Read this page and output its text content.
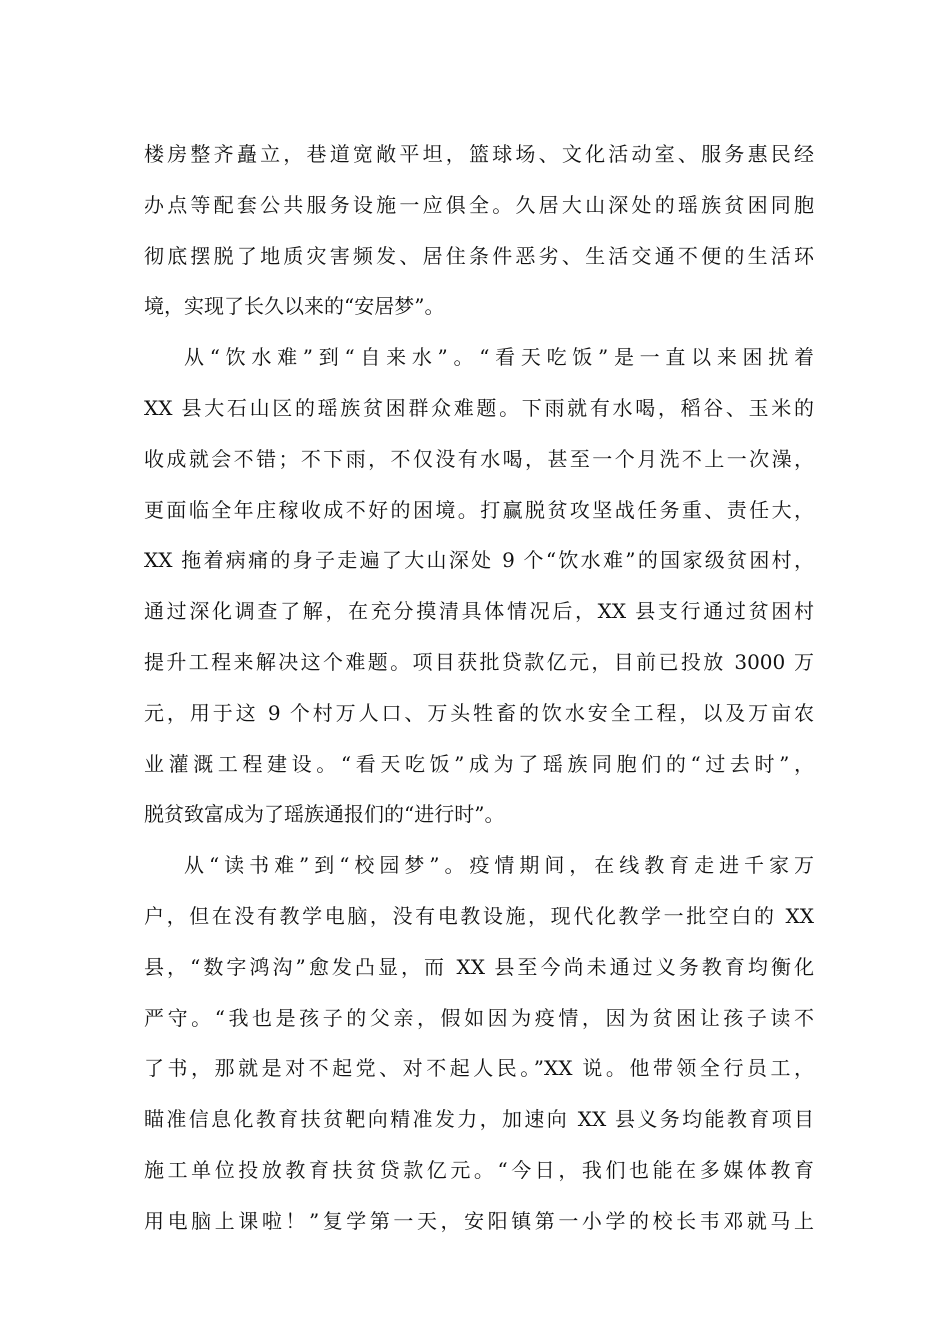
楼房整齐矗立，巷道宽敞平坦，篮球场、文化活动室、服务惠民经
办点等配套公共服务设施一应俱全。久居大山深处的瑶族贫困同胞
彻底摆脱了地质灾害频发、居住条件恶劣、生活交通不便的生活环
境，实现了长久以来的“安居梦”。
从“饮水难”到“自来水”。“看天吃饭”是一直以来困扰着
XX 县大石山区的瑶族贫困群众难题。下雨就有水喝，稻谷、玉米的
收成就会不错；不下雨，不仅没有水喝，甚至一个月洗不上一次澡，
更面临全年庄稼收成不好的困境。打赢脱贫攻坚战任务重、责任大，
XX 拖着病痛的身子走遍了大山深处 9 个“饮水难”的国家级贫困村，
通过深化调查了解，在充分摸清具体情况后，XX 县支行通过贫困村
提升工程来解决这个难题。项目获批贷款亿元，目前已投放 3000 万
元，用于这 9 个村万人口、万头牲畜的饮水安全工程，以及万亩农
业灌溉工程建设。“看天吃饭”成为了瑶族同胞们的“过去时”，
脱贫致富成为了瑶族通报们的“进行时”。
从“读书难”到“校园梦”。疫情期间，在线教育走进千家万
户，但在没有教学电脑，没有电教设施，现代化教学一批空白的 XX
县，“数字鸿沟”愈发凸显，而 XX 县至今尚未通过义务教育均衡化
严守。“我也是孩子的父亲，假如因为疫情，因为贫困让孩子读不
了书，那就是对不起党、对不起人民。”XX 说。他带领全行员工，
瞄准信息化教育扶贫靶向精准发力，加速向 XX 县义务均能教育项目
施工单位投放教育扶贫贷款亿元。“今日，我们也能在多媒体教育
用电脑上课啦！”复学第一天，安阳镇第一小学的校长韦邓就马上
